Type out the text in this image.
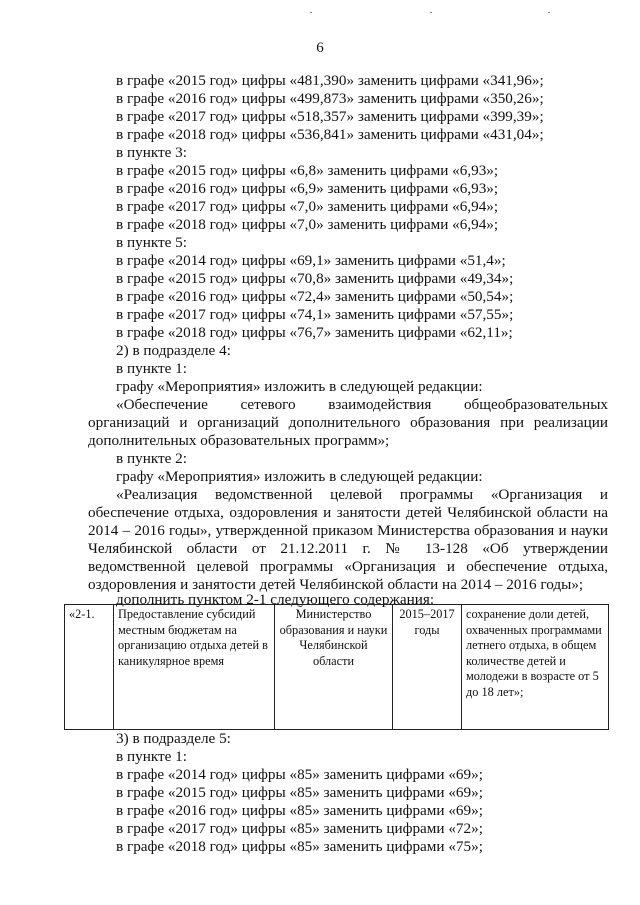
6
в графе «2015 год» цифры «481,390» заменить цифрами «341,96»;
в графе «2016 год» цифры «499,873» заменить цифрами «350,26»;
в графе «2017 год» цифры «518,357» заменить цифрами «399,39»;
в графе «2018 год» цифры «536,841» заменить цифрами «431,04»;
в пункте 3:
в графе «2015 год» цифры «6,8» заменить цифрами «6,93»;
в графе «2016 год» цифры «6,9» заменить цифрами «6,93»;
в графе «2017 год» цифры «7,0» заменить цифрами «6,94»;
в графе «2018 год» цифры «7,0» заменить цифрами «6,94»;
в пункте 5:
в графе «2014 год» цифры «69,1» заменить цифрами «51,4»;
в графе «2015 год» цифры «70,8» заменить цифрами «49,34»;
в графе «2016 год» цифры «72,4» заменить цифрами «50,54»;
в графе «2017 год» цифры «74,1» заменить цифрами «57,55»;
в графе «2018 год» цифры «76,7» заменить цифрами «62,11»;
2) в подразделе 4:
в пункте 1:
графу «Мероприятия» изложить в следующей редакции:
«Обеспечение сетевого взаимодействия общеобразовательных
организаций и организаций дополнительного образования при реализации
дополнительных образовательных программ»;
в пункте 2:
графу «Мероприятия» изложить в следующей редакции:
«Реализация ведомственной целевой программы «Организация и
обеспечение отдыха, оздоровления и занятости детей Челябинской области на
2014 – 2016 годы», утвержденной приказом Министерства образования и науки
Челябинской области от 21.12.2011 г. № 13-128 «Об утверждении
ведомственной целевой программы «Организация и обеспечение отдыха,
оздоровления и занятости детей Челябинской области на 2014 – 2016 годы»;
дополнить пунктом 2-1 следующего содержания:
«2-1.	Предоставление субсидий местным бюджетам на организацию отдыха детей в каникулярное время	Министерство образования и науки Челябинской области	2015–2017 годы	сохранение доли детей, охваченных программами летнего отдыха, в общем количестве детей и молодежи в возрасте от 5 до 18 лет»;
3) в подразделе 5:
в пункте 1:
в графе «2014 год» цифры «85» заменить цифрами «69»;
в графе «2015 год» цифры «85» заменить цифрами «69»;
в графе «2016 год» цифры «85» заменить цифрами «69»;
в графе «2017 год» цифры «85» заменить цифрами «72»;
в графе «2018 год» цифры «85» заменить цифрами «75»;
